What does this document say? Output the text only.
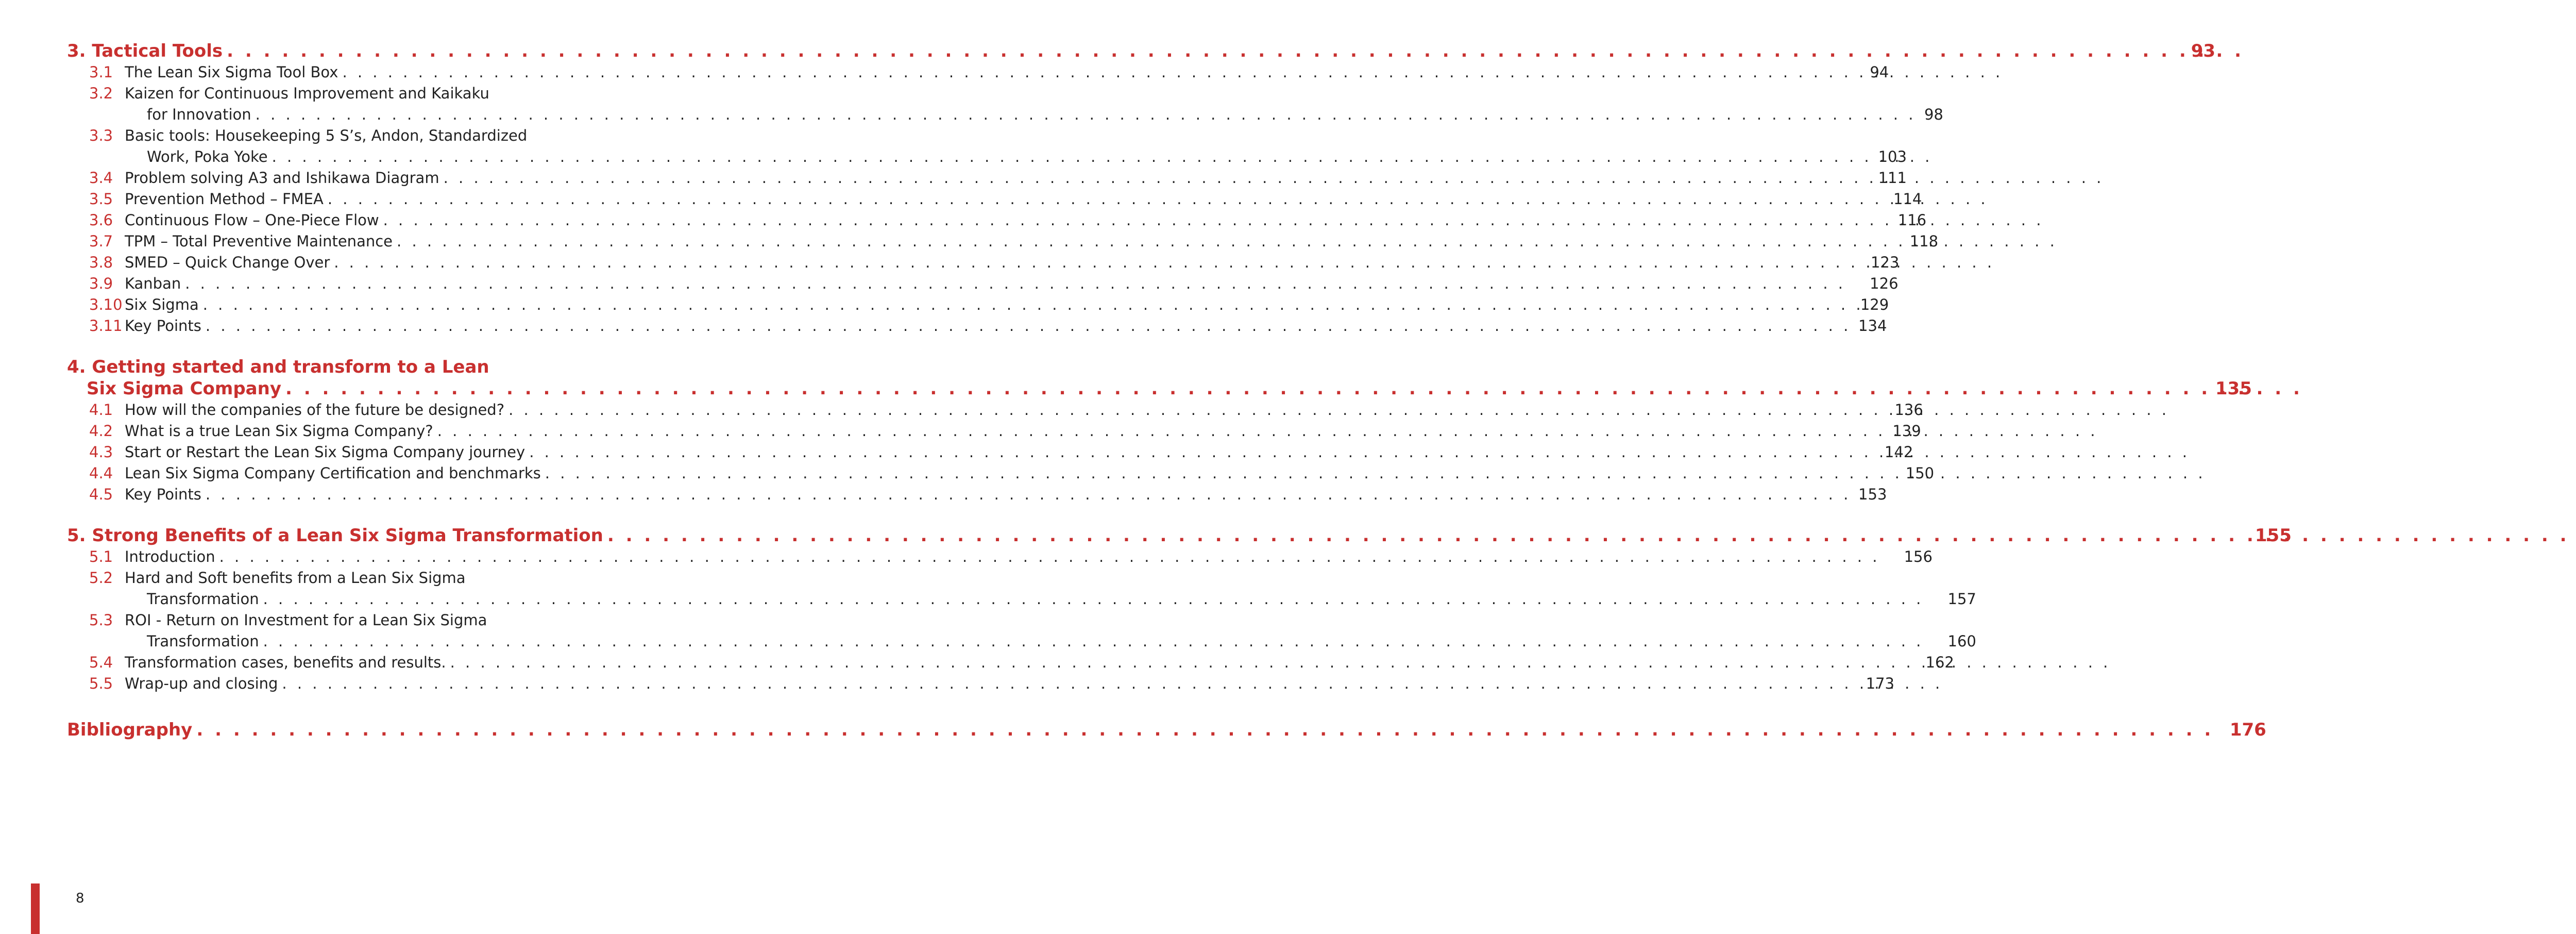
3. Tactical Tools . . .	93
3.1 The Lean Six Sigma Tool Box . . .	94
3.2 Kaizen for Continuous Improvement and Kaikaku
for Innovation . . .	98
3.3 Basic tools: Housekeeping 5 S’s, Andon, Standardized
Work, Poka Yoke . . .	103
3.4 Problem solving A3 and Ishikawa Diagram . . .	111
3.5 Prevention Method – FMEA . . .	114
3.6 Continuous Flow – One-Piece Flow . . .	116
3.7 TPM – Total Preventive Maintenance . . .	118
3.8 SMED – Quick Change Over . . .	123
3.9 Kanban . . .	126
3.10 Six Sigma . . .	129
3.11 Key Points . . .	134
4. Getting started and transform to a Lean
Six Sigma Company . . .	135
4.1 How will the companies of the future be designed? . . .	136
4.2 What is a true Lean Six Sigma Company? . . .	139
4.3 Start or Restart the Lean Six Sigma Company journey . . .	142
4.4 Lean Six Sigma Company Certification and benchmarks . . .	150
4.5 Key Points . . .	153
5. Strong Benefits of a Lean Six Sigma Transformation . . .	155
5.1 Introduction . . .	156
5.2 Hard and Soft benefits from a Lean Six Sigma
Transformation . . .	157
5.3 ROI - Return on Investment for a Lean Six Sigma
Transformation . . .	160
5.4 Transformation cases, benefits and results. . . .	162
5.5 Wrap-up and closing . . .	173
Bibliography . . .	176
8
